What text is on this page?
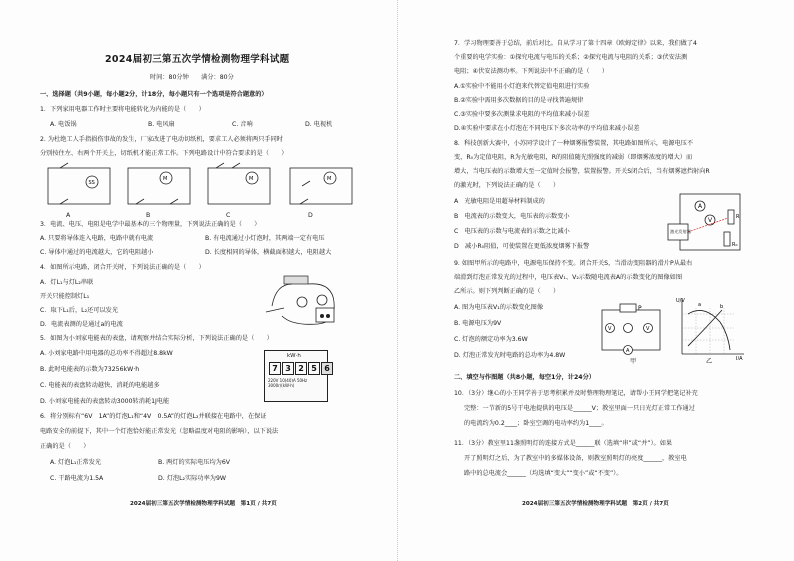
2024届初三第五次学情检测物理学科试题
时间：80分钟　　满分：80分
一、选择题（共9小题，每小题2分，计18分，每小题只有一个选项是符合题意的）
1．下列家用电器工作时主要将电能转化为内能的是（　　）
A. 电饭锅	B. 电风扇	C. 音响	D. 电视机
2. 为杜绝工人手指损伤事故的发生，厂家改进了电动切纸机，要求工人必须将两只手同时
分别按住左、右两个开关上，切纸机才能正常工作。下列电路设计中符合要求的是（　　）
SS
M	M	M
A	B	C	D
3．电流、电压、电阻是电学中最基本的三个物理量，下列说法正确的是（　　）
A. 只要将导体连入电路，电路中就有电流	B. 有电流通过小灯泡时，其两端一定有电压
C. 导体中通过的电流越大，它的电阻越小	D. 长度相同的导体，横截面积越大，电阻越大
4．如图所示电路，闭合开关时，下列说法正确的是（　　）
A．灯L₁与灯L₂串联
开关只能控制灯L₁
C．取下L₁后，L₂还可以发光
D．电流表测的是通过a的电流
5．如图为小刘家电能表的表盘，请观察并结合实际分析，下列说法正确的是（　　）
A. 小刘家电路中用电器的总功率不得超过8.8kW
B. 此时电能表的示数为73256kW·h
C. 电能表的表盘转动越快，消耗的电能越多
D. 小刘家电能表的表盘转动3000转消耗1J电能
kW·h
7 3 2 5 6
220V 10(40)A 50Hz
3000r/(kW·h)
6．将分别标有“6V　1A”的灯泡L₁和“4V　0.5A”的灯泡L₂并联接在电路中，在保证
电路安全的前提下，其中一个灯泡恰好能正常发光（忽略温度对电阻的影响），以下说法
正确的是（　　）
A. 灯泡L₁正常发光	B. 两灯的实际电压均为6V
C. 干路电流为1.5A	D. 灯泡L₂实际功率为9W
2024届初三第五次学情检测物理学科试题　第1页 / 共7页
7．学习物理要善于总结，前后对比。自从学习了第十四章《欧姆定律》以来，我们做了4
个重要的电学实验：①探究电流与电压的关系；②探究电流与电阻的关系；③伏安法测
电阻；④伏安法测功率。下列说法中不正确的是（　　）
A.①实验中不能用小灯泡来代替定值电阻进行实验
B.②实验中需用多次数据的目的是寻找普遍规律
C.③实验中要多次测量求电阻的平均值来减小误差
D.④实验中要求在小灯泡在不同电压下多次功率的平均值来减小误差
8．科技创新大赛中，小苏同学设计了一种烟雾报警装置，其电路如图所示，电源电压不
变，R₀为定值电阻，R为光敏电阻，R的阻值随光照强度的减弱（即烟雾浓度的增大）而
增大，当电压表的示数增大至一定值时会报警，装置报警。开关S闭合后，当有烟雾遮挡射向R
的激光时，下列说法正确的是（　　）
A　光敏电阻是用超导材料制成的
B　电流表的示数变大，电压表的示数变小
C　电压表的示数与电流表的示数之比减小
D　减小R₀阻值，可使装置在更低浓度烟雾下报警
A
V
R₀
R
激光发射器
9. 如图甲所示的电路中，电源电压保持不变。闭合开关S，当滑动变阻器的滑片P从最右
端滑到灯泡正常发光的过程中，电压表V₁、V₂示数随电流表A的示数变化的图像如图
乙所示。则下列判断正确的是（　　）
A. 图为电压表V₁的示数变化图像
B. 电源电压为9V
C. 灯泡的额定功率为3.6W
D. 灯泡正常发光时电路的总功率为4.8W
P
V	V
A
甲
U/V
I/A
a	b
乙
二、填空与作图题（共8小题，每空1分，计24分）
10．（3分）继心的小王同学善于思考积累并及时整理物理笔记，请帮小王同学把笔记补充
完整：一节新的5号干电池提供的电压是______V；教室里面一只日光灯正常工作通过
的电流约为0.2____；卧室空调的电功率约为1____。
11．（3分）教室里11盏照明灯的连接方式是______联（选填“串”或“并”）。如果
开了照明灯之后，为了教室中的多媒体设备，则教室照明灯的亮度______，教室电
路中的总电流会______（均选填“变大”“变小”或“不变”）。
2024届初三第五次学情检测物理学科试题　第2页 / 共7页
